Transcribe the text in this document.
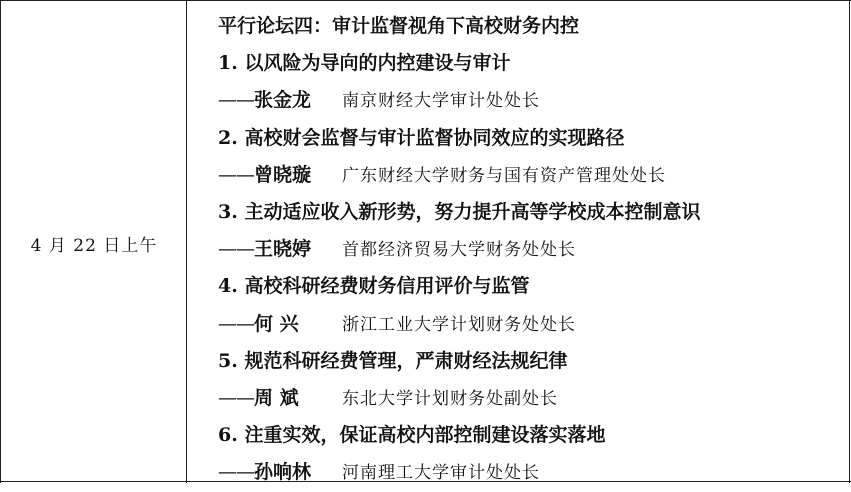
4 月 22 日上午
平行论坛四：审计监督视角下高校财务内控
1. 以风险为导向的内控建设与审计
——张金龙 南京财经大学审计处处长
2. 高校财会监督与审计监督协同效应的实现路径
——曾晓璇 广东财经大学财务与国有资产管理处处长
3. 主动适应收入新形势，努力提升高等学校成本控制意识
——王晓婷 首都经济贸易大学财务处处长
4. 高校科研经费财务信用评价与监管
——何 兴	浙江工业大学计划财务处处长
5. 规范科研经费管理，严肃财经法规纪律
——周 斌	东北大学计划财务处副处长
6. 注重实效，保证高校内部控制建设落实落地
——孙响林 河南理工大学审计处处长
